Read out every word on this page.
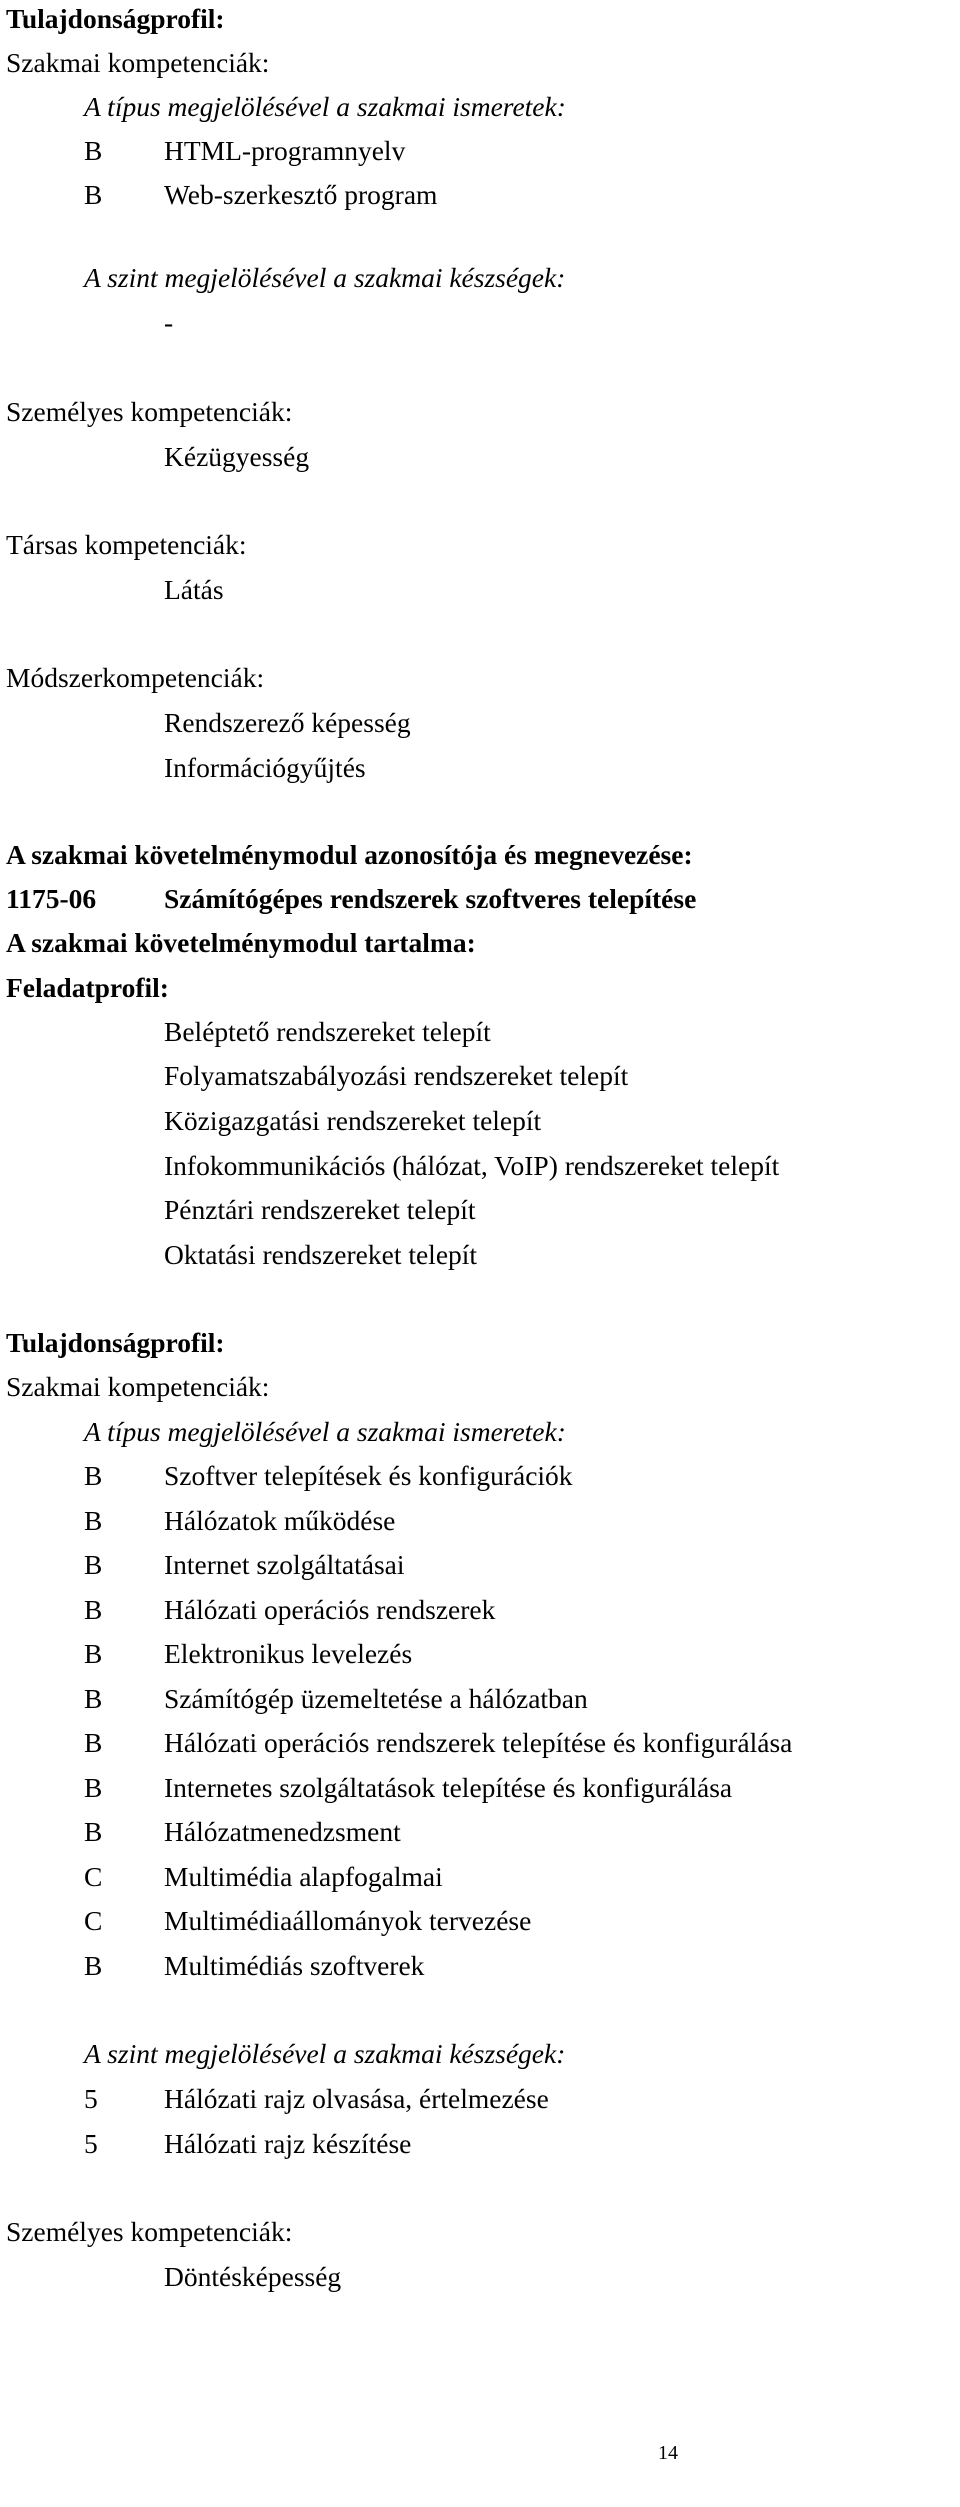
Tulajdonságprofil:
Szakmai kompetenciák:
A típus megjelölésével a szakmai ismeretek:
B HTML-programnyelv
B Web-szerkesztő program
A szint megjelölésével a szakmai készségek:
-
Személyes kompetenciák:
Kézügyesség
Társas kompetenciák:
Látás
Módszerkompetenciák:
Rendszerező képesség
Információgyűjtés
A szakmai követelménymodul azonosítója és megnevezése:
1175-06 Számítógépes rendszerek szoftveres telepítése
A szakmai követelménymodul tartalma:
Feladatprofil:
Beléptető rendszereket telepít
Folyamatszabályozási rendszereket telepít
Közigazgatási rendszereket telepít
Infokommunikációs (hálózat, VoIP) rendszereket telepít
Pénztári rendszereket telepít
Oktatási rendszereket telepít
Tulajdonságprofil:
Szakmai kompetenciák:
A típus megjelölésével a szakmai ismeretek:
B Szoftver telepítések és konfigurációk
B Hálózatok működése
B Internet szolgáltatásai
B Hálózati operációs rendszerek
B Elektronikus levelezés
B Számítógép üzemeltetése a hálózatban
B Hálózati operációs rendszerek telepítése és konfigurálása
B Internetes szolgáltatások telepítése és konfigurálása
B Hálózatmenedzsment
C Multimédia alapfogalmai
C Multimédiaállományok tervezése
B Multimédiás szoftverek
A szint megjelölésével a szakmai készségek:
5 Hálózati rajz olvasása, értelmezése
5 Hálózati rajz készítése
Személyes kompetenciák:
Döntésképesség
14
